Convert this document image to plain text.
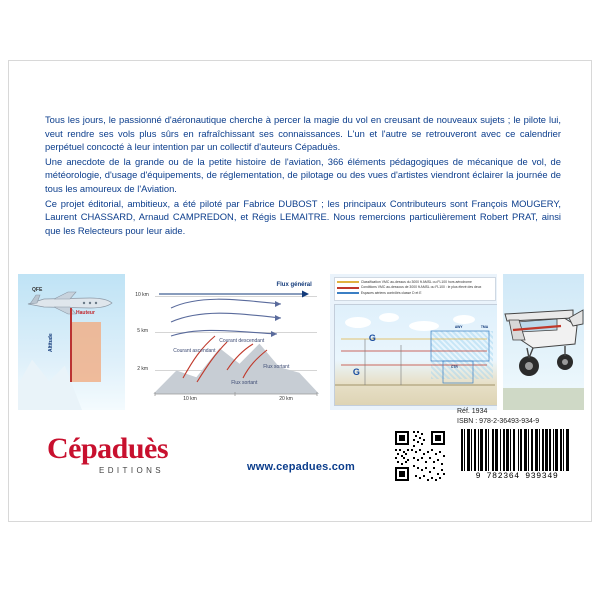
Tous les jours, le passionné d'aéronautique cherche à percer la magie du vol en creusant de nouveaux sujets ; le pilote lui, veut rendre ses vols plus sûrs en rafraîchissant ses connaissances. L'un et l'autre se retrouveront avec ce calendrier perpétuel concocté à leur intention par un collectif d'auteurs Cépaduès.

Une anecdote de la grande ou de la petite histoire de l'aviation, 366 éléments pédagogiques de mécanique de vol, de météorologie, d'usage d'équipements, de réglementation, de pilotage ou des vues d'artistes viendront éclairer la journée de tous les amoureux de l'Aviation.

Ce projet éditorial, ambitieux, a été piloté par Fabrice DUBOST ; les principaux Contributeurs sont François MOUGERY, Laurent CHASSARD, Arnaud CAMPREDON, et Régis LEMAITRE. Nous remercions particulièrement Robert PRAT, ainsi que les Relecteurs pour leur aide.

QFE
Altitude
Hauteur
Flux général
10 km
5 km
2 km
Courant ascendant
Courant descendant
Flux sortant
Flux sortant
10 km	20 km
Classification VMC au-dessus du 3000 ft AMSL ou FL100 hors aérodrome
Conditions VMC au-dessous de 3000 ft AMSL ou FL100 : le plus élevé des deux
Espaces aériens contrôlés classe D et E
AWY	TMA
CTR
G
G
Cépaduès
EDITIONS	www.cepadues.com
Réf. 1934
ISBN : 978-2-36493-934-9
9 782364 939349
